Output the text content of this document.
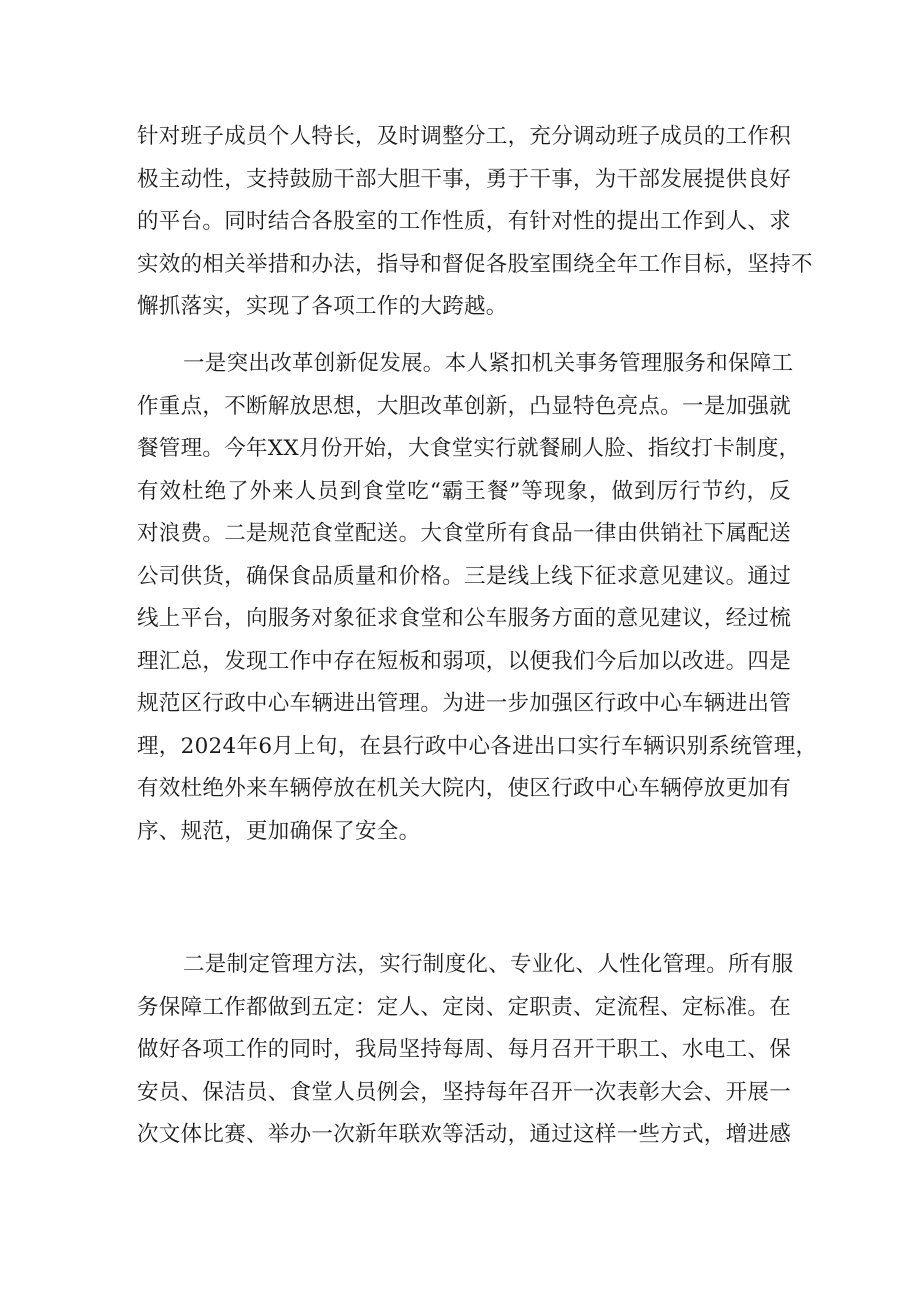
针对班子成员个人特长，及时调整分工，充分调动班子成员的工作积
极主动性，支持鼓励干部大胆干事，勇于干事，为干部发展提供良好
的平台。同时结合各股室的工作性质，有针对性的提出工作到人、求
实效的相关举措和办法，指导和督促各股室围绕全年工作目标，坚持不
懈抓落实，实现了各项工作的大跨越。
一是突出改革创新促发展。本人紧扣机关事务管理服务和保障工
作重点，不断解放思想，大胆改革创新，凸显特色亮点。一是加强就
餐管理。今年XX月份开始，大食堂实行就餐刷人脸、指纹打卡制度，
有效杜绝了外来人员到食堂吃“霸王餐”等现象，做到厉行节约，反
对浪费。二是规范食堂配送。大食堂所有食品一律由供销社下属配送
公司供货，确保食品质量和价格。三是线上线下征求意见建议。通过
线上平台，向服务对象征求食堂和公车服务方面的意见建议，经过梳
理汇总，发现工作中存在短板和弱项，以便我们今后加以改进。四是
规范区行政中心车辆进出管理。为进一步加强区行政中心车辆进出管
理，2024年6月上旬，在县行政中心各进出口实行车辆识别系统管理，
有效杜绝外来车辆停放在机关大院内，使区行政中心车辆停放更加有
序、规范，更加确保了安全。
二是制定管理方法，实行制度化、专业化、人性化管理。所有服
务保障工作都做到五定：定人、定岗、定职责、定流程、定标准。在
做好各项工作的同时，我局坚持每周、每月召开干职工、水电工、保
安员、保洁员、食堂人员例会，坚持每年召开一次表彰大会、开展一
次文体比赛、举办一次新年联欢等活动，通过这样一些方式，增进感
